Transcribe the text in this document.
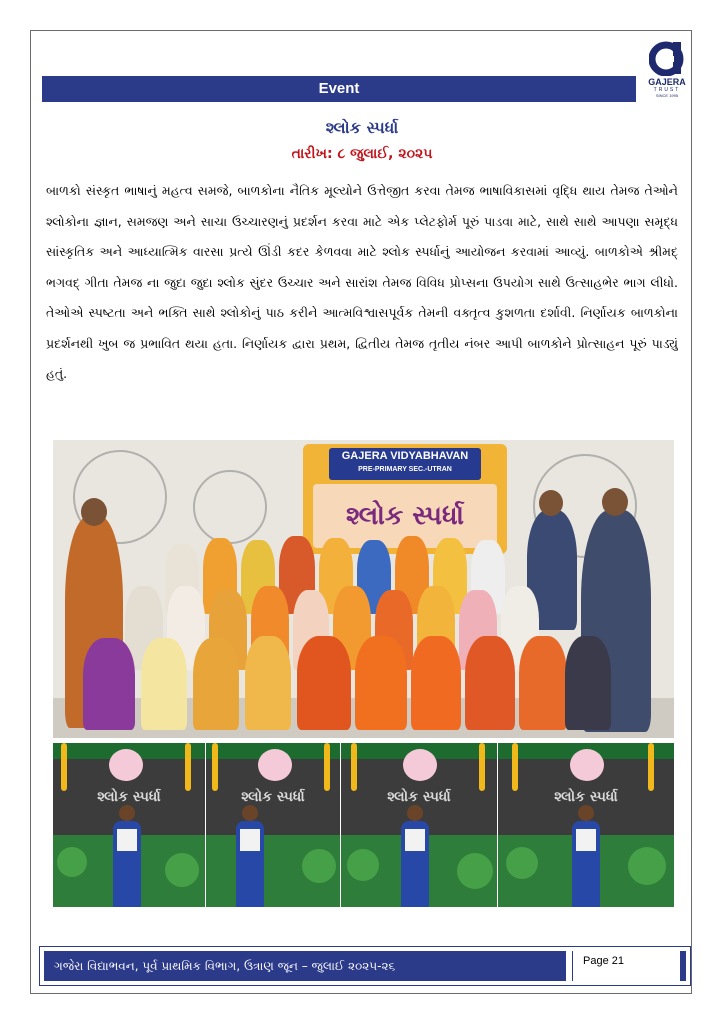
Event	GAJERA
TRUST
SINCE 1995
શ્લોક સ્પર્ધા
તારીખ: ૮ જુલાઈ, ૨૦૨૫
બાળકો સંસ્કૃત ભાષાનું મહત્વ સમજે, બાળકોના નૈતિક મૂલ્યોને ઉત્તેજીત કરવા તેમજ ભાષાવિકાસમાં વૃદ્ધિ થાય તેમજ તેઓને શ્લોકોના જ્ઞાન, સમજણ અને સાચા ઉચ્ચારણનું પ્રદર્શન કરવા માટે એક પ્લેટફોર્મ પૂરું પાડવા માટે, સાથે સાથે આપણા સમૃદ્ધ સાંસ્કૃતિક અને આધ્યાત્મિક વારસા પ્રત્યે ઊંડી કદર કેળવવા માટે શ્લોક સ્પર્ધાનું આયોજન કરવામાં આવ્યું. બાળકોએ શ્રીમદ્ ભગવદ્ ગીતા તેમજ ના જુદા જુદા શ્લોક સુંદર ઉચ્ચાર અને સારાંશ તેમજ વિવિધ પ્રોપ્સના ઉપયોગ સાથે ઉત્સાહભેર ભાગ લીધો. તેઓએ સ્પષ્ટતા અને ભક્તિ સાથે શ્લોકોનું પાઠ કરીને આત્મવિશ્વાસપૂર્વક તેમની વક્તૃત્વ કુશળતા દર્શાવી. નિર્ણાયક બાળકોના પ્રદર્શનથી ખુબ જ પ્રભાવિત થયા હતા. નિર્ણાયક દ્વારા પ્રથમ, દ્વિતીય તેમજ તૃતીય નંબર આપી બાળકોને પ્રોત્સાહન પૂરું પાડ્યું હતું.
GAJERA VIDYABHAVAN
PRE-PRIMARY SEC.-UTRAN
શ્લોક સ્પર્ધા
શ્લોક સ્પર્ધા	શ્લોક સ્પર્ધા	શ્લોક સ્પર્ધા	શ્લોક સ્પર્ધા
ગજેરા વિદ્યાભવન, પૂર્વ પ્રાથમિક વિભાગ, ઉત્રાણ જૂન – જુલાઈ ૨૦૨૫-૨૬	Page 21
